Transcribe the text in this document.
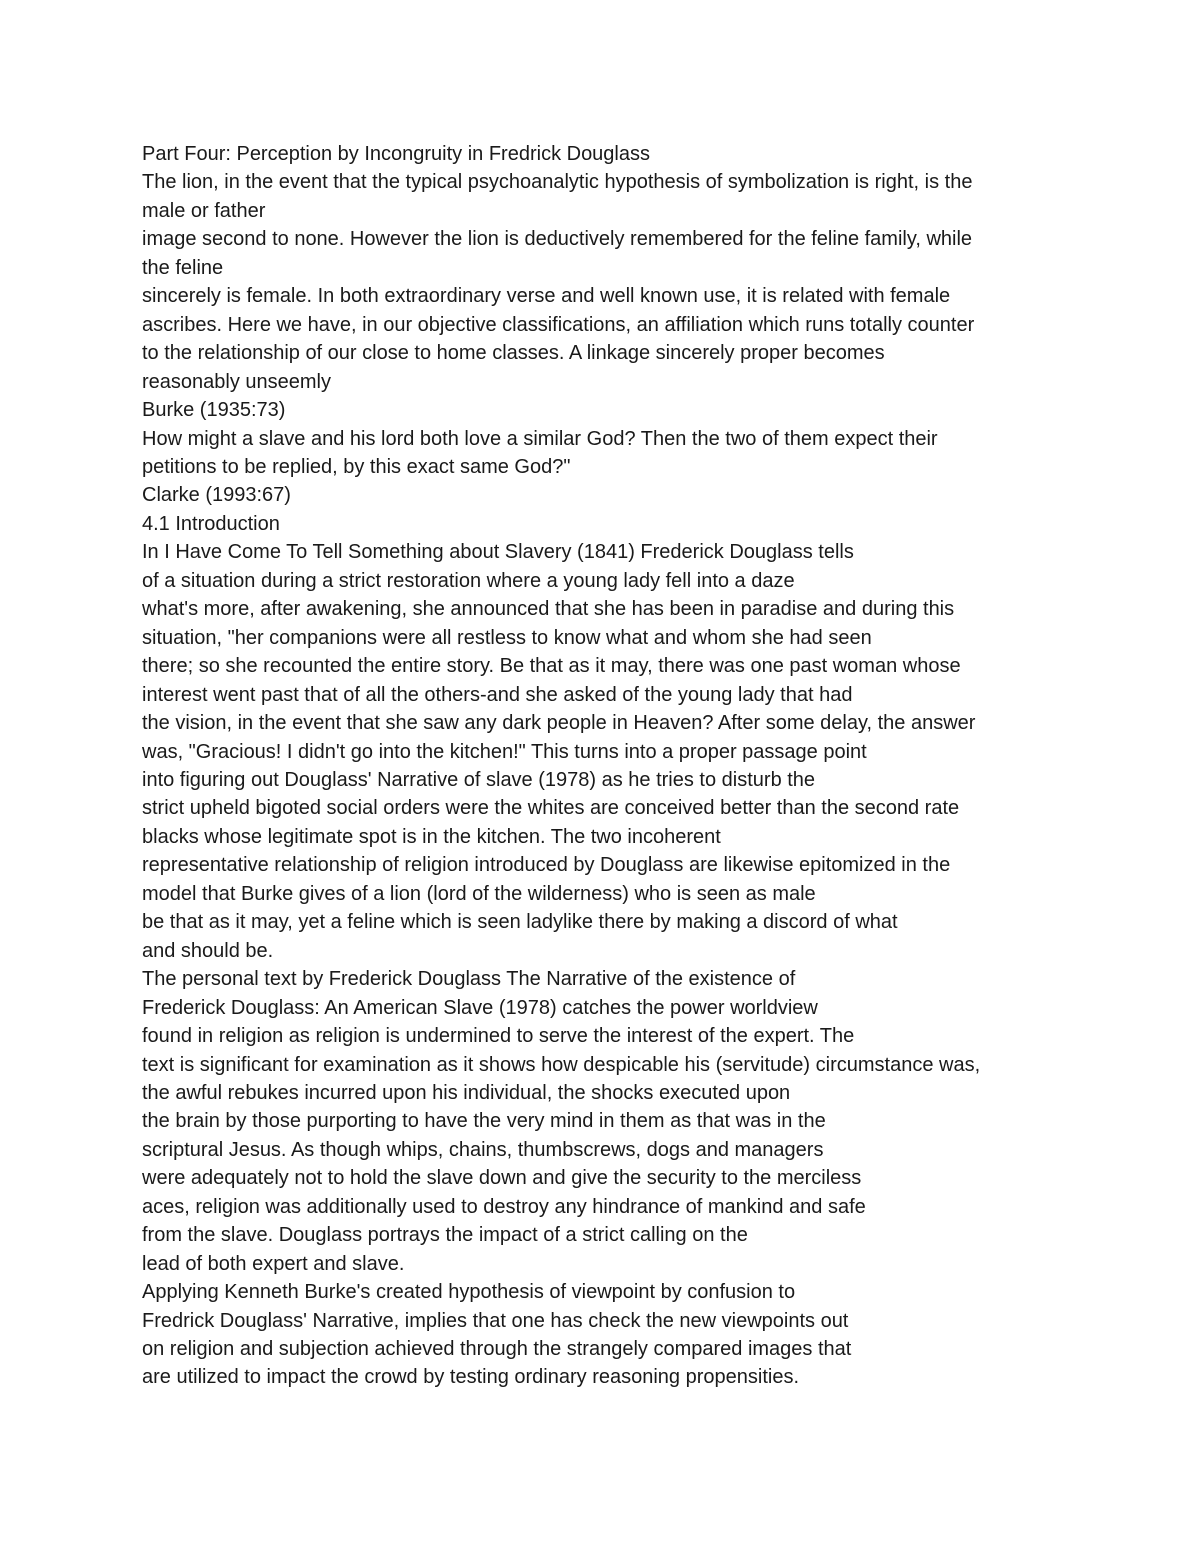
Part Four: Perception by Incongruity in Fredrick Douglass
The lion, in the event that the typical psychoanalytic hypothesis of symbolization is right, is the
male or father
image second to none. However the lion is deductively remembered for the feline family, while
the feline
sincerely is female. In both extraordinary verse and well known use, it is related with female
ascribes. Here we have, in our objective classifications, an affiliation which runs totally counter
to the relationship of our close to home classes. A linkage sincerely proper becomes
reasonably unseemly
Burke (1935:73)
How might a slave and his lord both love a similar God? Then the two of them expect their
petitions to be replied, by this exact same God?"
Clarke (1993:67)
4.1 Introduction
In I Have Come To Tell Something about Slavery (1841) Frederick Douglass tells
of a situation during a strict restoration where a young lady fell into a daze
what's more, after awakening, she announced that she has been in paradise and during this
situation, "her companions were all restless to know what and whom she had seen
there; so she recounted the entire story. Be that as it may, there was one past woman whose
interest went past that of all the others-and she asked of the young lady that had
the vision, in the event that she saw any dark people in Heaven? After some delay, the answer
was, "Gracious! I didn't go into the kitchen!" This turns into a proper passage point
into figuring out Douglass' Narrative of slave (1978) as he tries to disturb the
strict upheld bigoted social orders were the whites are conceived better than the second rate
blacks whose legitimate spot is in the kitchen. The two incoherent
representative relationship of religion introduced by Douglass are likewise epitomized in the
model that Burke gives of a lion (lord of the wilderness) who is seen as male
be that as it may, yet a feline which is seen ladylike there by making a discord of what
and should be.
The personal text by Frederick Douglass The Narrative of the existence of
Frederick Douglass: An American Slave (1978) catches the power worldview
found in religion as religion is undermined to serve the interest of the expert. The
text is significant for examination as it shows how despicable his (servitude) circumstance was,
the awful rebukes incurred upon his individual, the shocks executed upon
the brain by those purporting to have the very mind in them as that was in the
scriptural Jesus. As though whips, chains, thumbscrews, dogs and managers
were adequately not to hold the slave down and give the security to the merciless
aces, religion was additionally used to destroy any hindrance of mankind and safe
from the slave. Douglass portrays the impact of a strict calling on the
lead of both expert and slave.
Applying Kenneth Burke's created hypothesis of viewpoint by confusion to
Fredrick Douglass' Narrative, implies that one has check the new viewpoints out
on religion and subjection achieved through the strangely compared images that
are utilized to impact the crowd by testing ordinary reasoning propensities.
